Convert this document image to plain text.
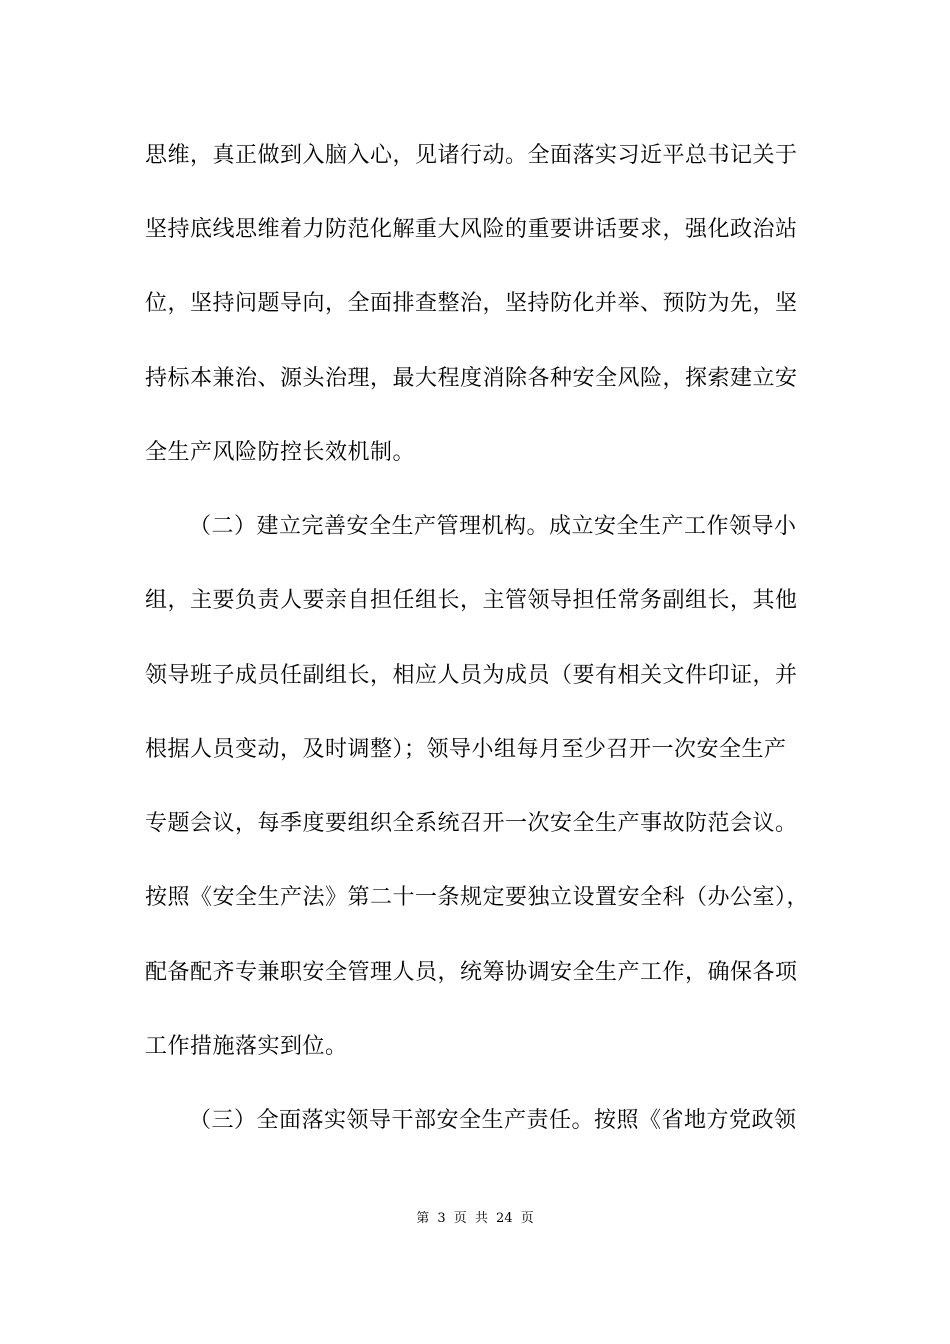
思维，真正做到入脑入心，见诸行动。全面落实习近平总书记关于
坚持底线思维着力防范化解重大风险的重要讲话要求，强化政治站
位，坚持问题导向，全面排查整治，坚持防化并举、预防为先，坚
持标本兼治、源头治理，最大程度消除各种安全风险，探索建立安
全生产风险防控长效机制。
（二）建立完善安全生产管理机构。成立安全生产工作领导小
组，主要负责人要亲自担任组长，主管领导担任常务副组长，其他
领导班子成员任副组长，相应人员为成员（要有相关文件印证，并
根据人员变动，及时调整）；领导小组每月至少召开一次安全生产
专题会议，每季度要组织全系统召开一次安全生产事故防范会议。
按照《安全生产法》第二十一条规定要独立设置安全科（办公室），
配备配齐专兼职安全管理人员，统筹协调安全生产工作，确保各项
工作措施落实到位。
（三）全面落实领导干部安全生产责任。按照《省地方党政领
第 3 页 共 24 页
